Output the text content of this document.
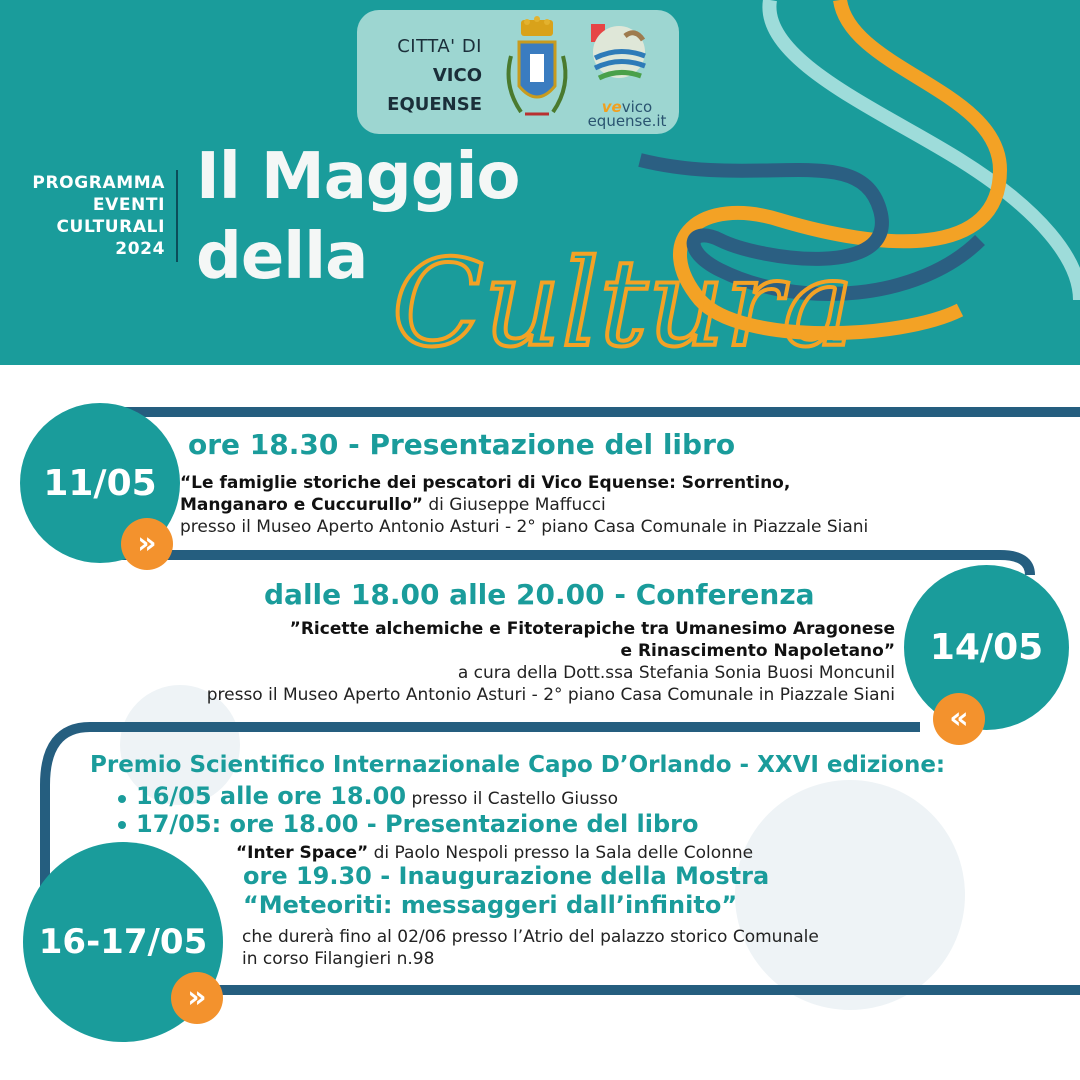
CITTA' DI
VICO
EQUENSE	vevico
equense.it
PROGRAMMA
EVENTI
CULTURALI
2024
Il Maggio
della Cultura
11/05
»
ore 18.30 - Presentazione del libro
“Le famiglie storiche dei pescatori di Vico Equense: Sorrentino,
Manganaro e Cuccurullo” di Giuseppe Maffucci
presso il Museo Aperto Antonio Asturi - 2° piano Casa Comunale in Piazzale Siani
14/05
«
dalle 18.00 alle 20.00 - Conferenza
”Ricette alchemiche e Fitoterapiche tra Umanesimo Aragonese
e Rinascimento Napoletano”
a cura della Dott.ssa Stefania Sonia Buosi Moncunil
presso il Museo Aperto Antonio Asturi - 2° piano Casa Comunale in Piazzale Siani
Premio Scientifico Internazionale Capo D’Orlando - XXVI edizione:
16/05 alle ore 18.00 presso il Castello Giusso
17/05: ore 18.00 - Presentazione del libro
“Inter Space” di Paolo Nespoli presso la Sala delle Colonne
ore 19.30 - Inaugurazione della Mostra
“Meteoriti: messaggeri dall’infinito”
che durerà fino al 02/06 presso l’Atrio del palazzo storico Comunale
in corso Filangieri n.98
16-17/05
»
